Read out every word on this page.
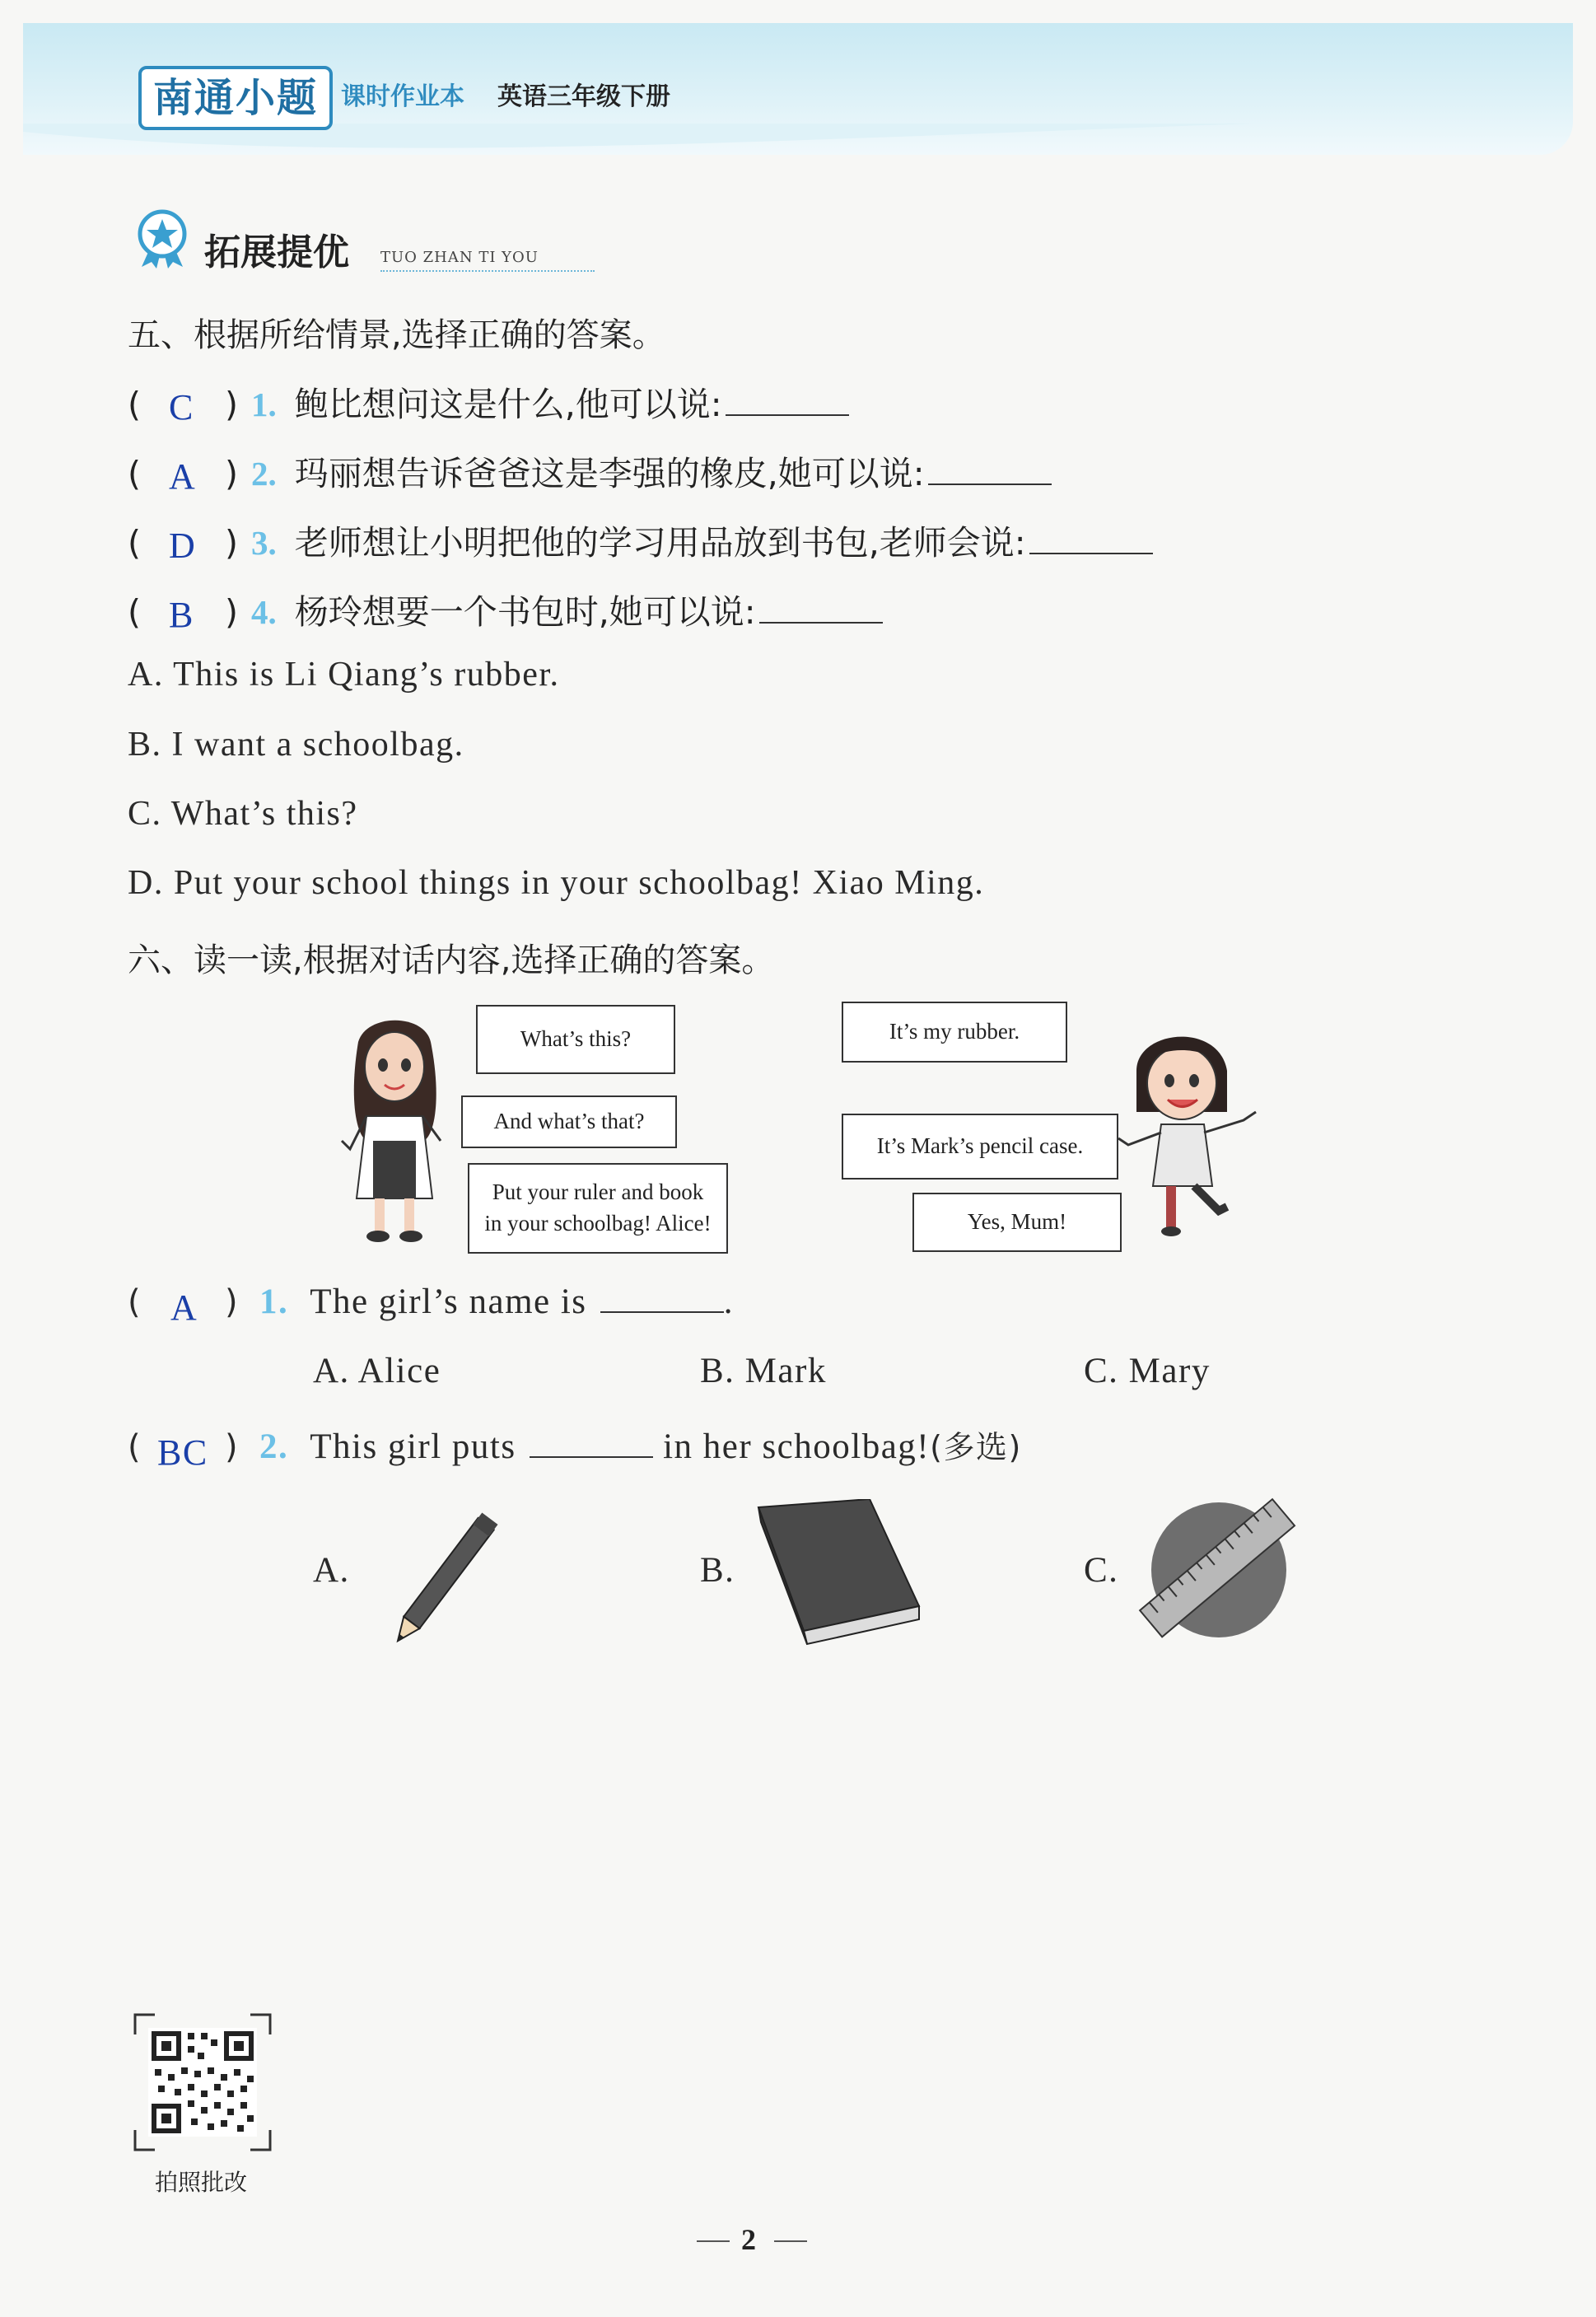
南通小题 课时作业本 英语三年级下册
拓展提优 TUO ZHAN TI YOU
五、根据所给情景,选择正确的答案。
( C ) 1. 鲍比想问这是什么,他可以说:
( A ) 2. 玛丽想告诉爸爸这是李强的橡皮,她可以说:
( D ) 3. 老师想让小明把他的学习用品放到书包,老师会说:
( B ) 4. 杨玲想要一个书包时,她可以说:
A. This is Li Qiang’s rubber.
B. I want a schoolbag.
C. What’s this?
D. Put your school things in your schoolbag! Xiao Ming.
六、读一读,根据对话内容,选择正确的答案。
What’s this?
And what’s that?
Put your ruler and book
in your schoolbag! Alice!
It’s my rubber.
It’s Mark’s pencil case.
Yes, Mum!
( A ) 1. The girl’s name is	.
A. Alice	B. Mark	C. Mary
( BC ) 2. This girl puts	in her schoolbag!(多选)
A.	B.	C.
拍照批改
2
